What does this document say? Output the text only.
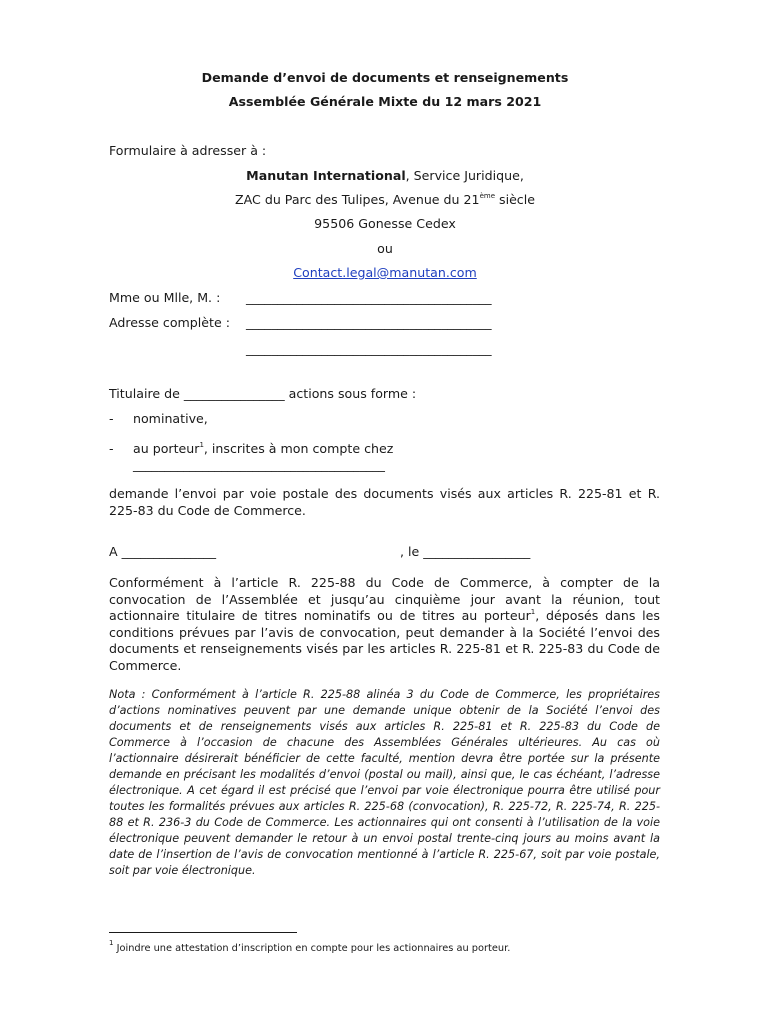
Demande d’envoi de documents et renseignements
Assemblée Générale Mixte du 12 mars 2021
Formulaire à adresser à :
Manutan International, Service Juridique,
ZAC du Parc des Tulipes, Avenue du 21ème siècle
95506 Gonesse Cedex
ou
Contact.legal@manutan.com
Mme ou Mlle, M. : _______________________________________
Adresse complète : _______________________________________
_______________________________________
Titulaire de ________________ actions sous forme :
- nominative,
- au porteur$^1$, inscrites à mon compte chez
________________________________________
demande l’envoi par voie postale des documents visés aux articles R. 225-81 et R. 225-83 du Code de Commerce.
A _______________	, le _________________
Conformément à l’article R. 225-88 du Code de Commerce, à compter de la convocation de l’Assemblée et jusqu’au cinquième jour avant la réunion, tout actionnaire titulaire de titres nominatifs ou de titres au porteur$^1$, déposés dans les conditions prévues par l’avis de convocation, peut demander à la Société l’envoi des documents et renseignements visés par les articles R. 225-81 et R. 225-83 du Code de Commerce.
Nota : Conformément à l’article R. 225-88 alinéa 3 du Code de Commerce, les propriétaires d’actions nominatives peuvent par une demande unique obtenir de la Société l’envoi des documents et de renseignements visés aux articles R. 225-81 et R. 225-83 du Code de Commerce à l’occasion de chacune des Assemblées Générales ultérieures. Au cas où l’actionnaire désirerait bénéficier de cette faculté, mention devra être portée sur la présente demande en précisant les modalités d’envoi (postal ou mail), ainsi que, le cas échéant, l’adresse électronique. A cet égard il est précisé que l’envoi par voie électronique pourra être utilisé pour toutes les formalités prévues aux articles R. 225-68 (convocation), R. 225-72, R. 225-74, R. 225-88 et R. 236-3 du Code de Commerce. Les actionnaires qui ont consenti à l’utilisation de la voie électronique peuvent demander le retour à un envoi postal trente-cinq jours au moins avant la date de l’insertion de l’avis de convocation mentionné à l’article R. 225-67, soit par voie postale, soit par voie électronique.
$^1$ Joindre une attestation d’inscription en compte pour les actionnaires au porteur.
